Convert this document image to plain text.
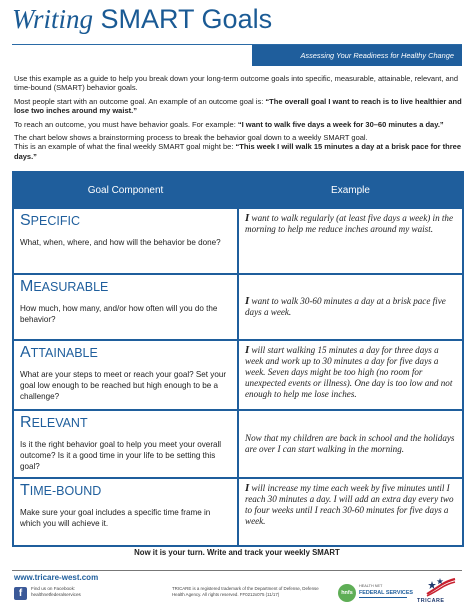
Writing SMART Goals
Assessing Your Readiness for Healthy Change

Use this example as a guide to help you break down your long-term outcome goals into specific, measurable, attainable, relevant, and time-bound (SMART) behavior goals.

Most people start with an outcome goal. An example of an outcome goal is: “The overall goal I want to reach is to live healthier and lose two inches around my waist.”

To reach an outcome, you must have behavior goals. For example: “I want to walk five days a week for 30–60 minutes a day.”

The chart below shows a brainstorming process to break the behavior goal down to a weekly SMART goal.

This is an example of what the final weekly SMART goal might be: “This week I will walk 15 minutes a day at a brisk pace for three days.”

Goal Component	Example

SPECIFIC
What, when, where, and how will the behavior be done?	I want to walk regularly (at least five days a week) in the morning to help me reduce inches around my waist.

MEASURABLE
How much, how many, and/or how often will you do the behavior?	I want to walk 30-60 minutes a day at a brisk pace five days a week.

ATTAINABLE
What are your steps to meet or reach your goal? Set your goal low enough to be reached but high enough to be a challenge?	I will start walking 15 minutes a day for three days a week and work up to 30 minutes a day for five days a week. Seven days might be too high (no room for unexpected events or illness). One day is too low and not enough to help me lose inches.

RELEVANT
Is it the right behavior goal to help you meet your overall outcome? Is it a good time in your life to be setting this goal?	Now that my children are back in school and the holidays are over I can start walking in the morning.

TIME-BOUND
Make sure your goal includes a specific time frame in which you will achieve it.	I will increase my time each week by five minutes until I reach 30 minutes a day. I will add an extra day every two to four weeks until I reach 30-60 minutes for five days a week.
Now it is your turn. Write and track your weekly SMART
www.tricare-west.com
f	Find us on Facebook:
healthnetfederalservices
TRICARE is a registered trademark of the Department of Defense, Defense Health Agency. All rights reserved. FF0212x075 (11/17)	hnfs
HEALTH NET
FEDERAL SERVICES
TRICARE
